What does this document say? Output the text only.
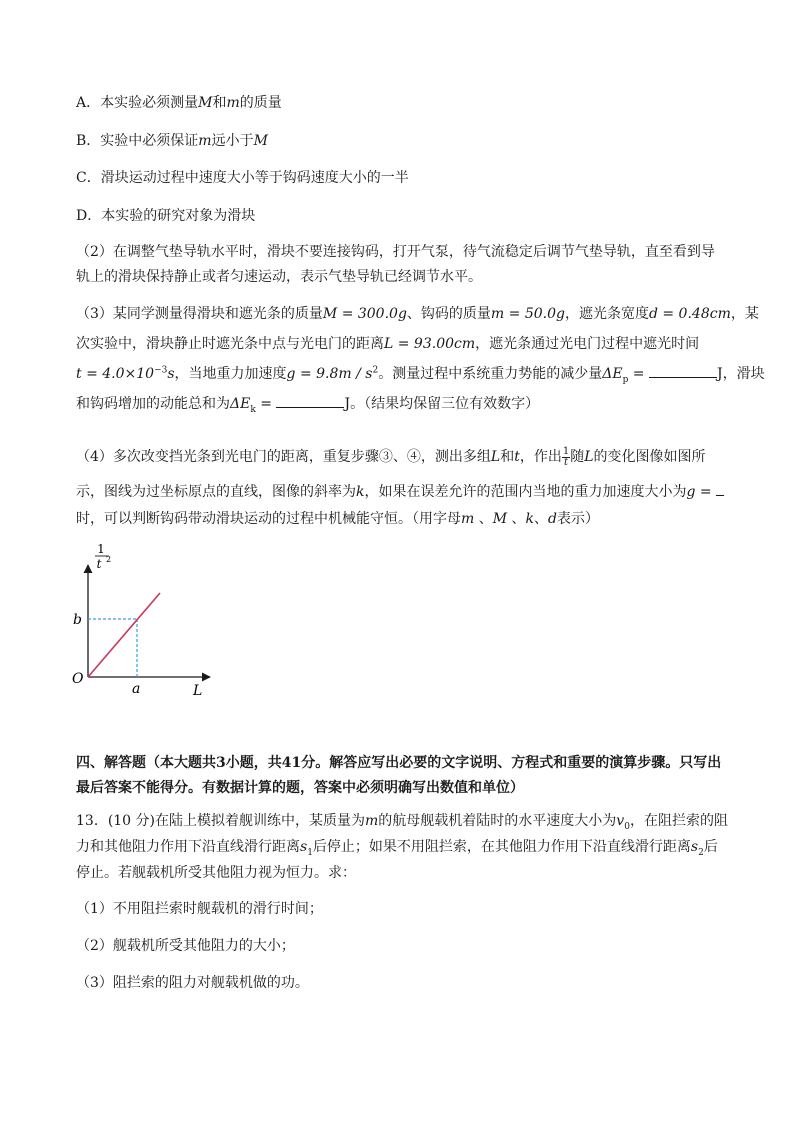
A．本实验必须测量M和m的质量
B．实验中必须保证m远小于M
C．滑块运动过程中速度大小等于钩码速度大小的一半
D．本实验的研究对象为滑块
（2）在调整气垫导轨水平时，滑块不要连接钩码，打开气泵，待气流稳定后调节气垫导轨，直至看到导
轨上的滑块保持静止或者匀速运动，表示气垫导轨已经调节水平。
（3）某同学测量得滑块和遮光条的质量M = 300.0g、钩码的质量m = 50.0g，遮光条宽度d = 0.48cm，某
次实验中，滑块静止时遮光条中点与光电门的距离L = 93.00cm，遮光条通过光电门过程中遮光时间
$t = 4.0\times 10^{-3}s$，当地重力加速度$g = 9.8m / s^2$。测量过程中系统重力势能的减少量$\Delta E_p$ =	J，滑块
和钩码增加的动能总和为$\Delta E_k$ =	J。（结果均保留三位有效数字）
（4）多次改变挡光条到光电门的距离，重复步骤③、④，测出多组L和t，作出 $\frac{1}{t}$ 随L的变化图像如图所
示，图线为过坐标原点的直线，图像的斜率为k，如果在误差允许的范围内当地的重力加速度大小为g =
时，可以判断钩码带动滑块运动的过程中机械能守恒。（用字母m 、M 、k、d表示）
1
t 2
b
a
O
L
四、解答题（本大题共3小题，共41分。解答应写出必要的文字说明、方程式和重要的演算步骤。只写出
最后答案不能得分。有数据计算的题，答案中必须明确写出数值和单位）
13．(10 分)在陆上模拟着舰训练中，某质量为m的航母舰载机着陆时的水平速度大小为$v_0$，在阻拦索的阻
力和其他阻力作用下沿直线滑行距离$s_1$后停止；如果不用阻拦索，在其他阻力作用下沿直线滑行距离$s_2$后
停止。若舰载机所受其他阻力视为恒力。求：
（1）不用阻拦索时舰载机的滑行时间；
（2）舰载机所受其他阻力的大小；
（3）阻拦索的阻力对舰载机做的功。
